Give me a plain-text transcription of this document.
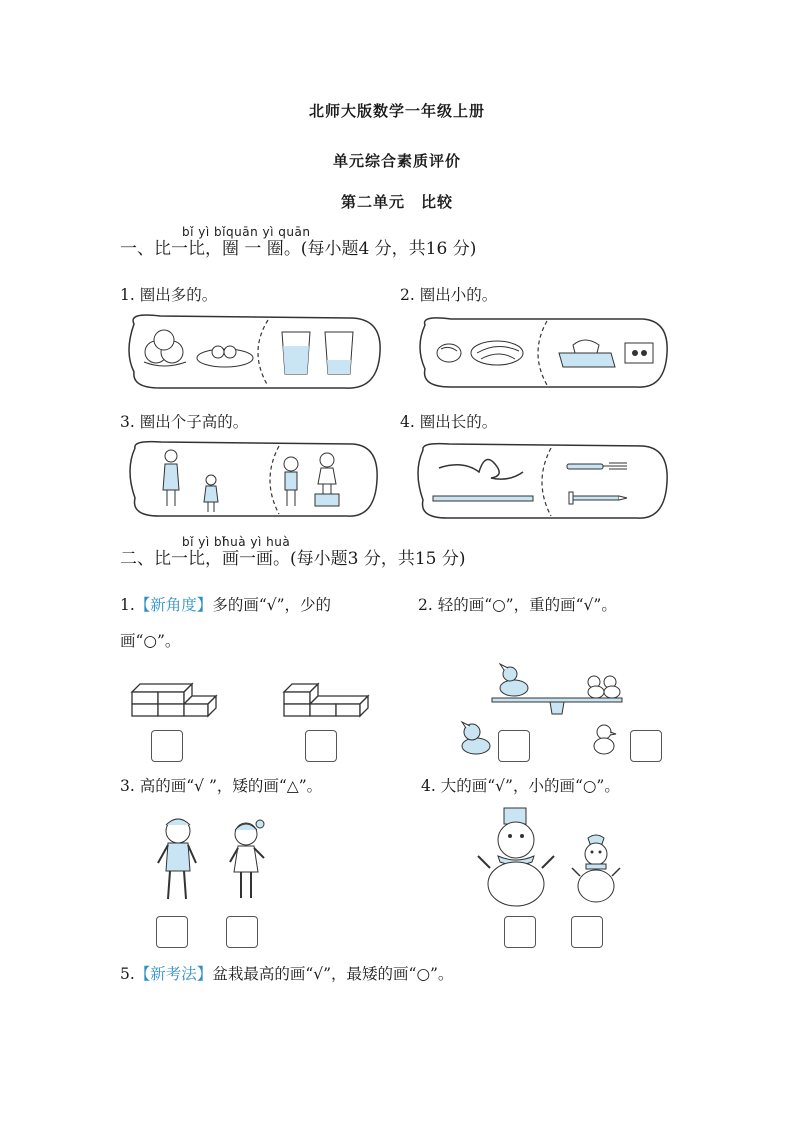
北师大版数学一年级上册
单元综合素质评价
第二单元　比较
一、
bǐ yì bǐ
比一比，
quān yì quān
圈 一 圈。(每小题4 分，共16 分)
1. 圈出多的。	2. 圈出小的。
3. 圈出个子高的。	4. 圈出长的。
二、
bǐ yì bǐ
比一比，
huà yì huà
画一画。(每小题3 分，共15 分)
1.【新角度】多的画“√”，少的
画“○”。
2. 轻的画“○”，重的画“√”。
3. 高的画“√ ”，矮的画“△”。	4. 大的画“√”，小的画“○”。
5.【新考法】盆栽最高的画“√”，最矮的画“○”。
